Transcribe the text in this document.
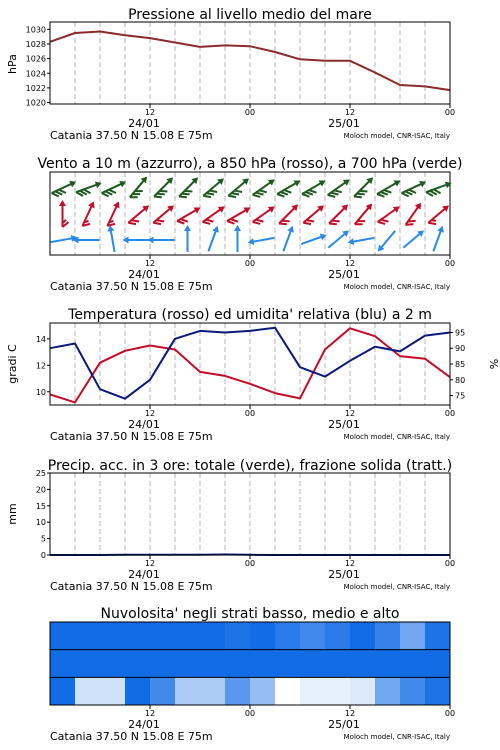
Pressione al livello medio del mare
hPa
12	00	12	00
24/01	25/01
Catania 37.50 N 15.08 E 75m	Moloch model, CNR-ISAC, Italy
1020
1022
1024
1026
1028
1030
Vento a 10 m (azzurro), a 850 hPa (rosso), a 700 hPa (verde)
12	00	12	00
24/01	25/01
Catania 37.50 N 15.08 E 75m	Moloch model, CNR-ISAC, Italy
Temperatura (rosso) ed umidita' relativa (blu) a 2 m
gradi C	%
12	00	12	00
24/01	25/01
Catania 37.50 N 15.08 E 75m	Moloch model, CNR-ISAC, Italy
10
12
14
75
80
85
90
95
Precip. acc. in 3 ore: totale (verde), frazione solida (tratt.)
mm
12	00	12	00
24/01	25/01
Catania 37.50 N 15.08 E 75m	Moloch model, CNR-ISAC, Italy
0
5
10
15
20
25
Nuvolosita' negli strati basso, medio e alto
12	00	12	00
24/01	25/01
Catania 37.50 N 15.08 E 75m	Moloch model, CNR-ISAC, Italy
